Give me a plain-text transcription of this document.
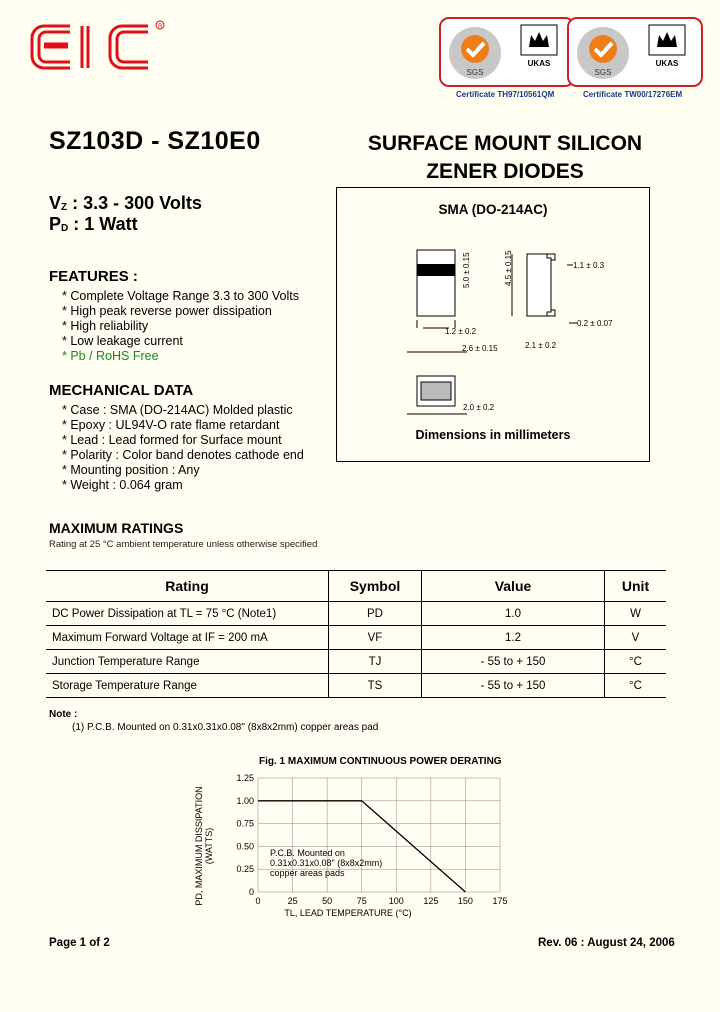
R
SGS
UKAS
SGS
UKAS
Certificate TH97/10561QM	Certificate TW00/17276EM
SZ103D - SZ10E0	SURFACE MOUNT SILICON
ZENER DIODES
$V_Z$ : 3.3 - 300 Volts
$P_D$ : 1 Watt
FEATURES :
* Complete Voltage Range 3.3 to 300 Volts
* High peak reverse power dissipation
* High reliability
* Low leakage current
* Pb / RoHS Free
MECHANICAL DATA
* Case : SMA (DO-214AC) Molded plastic
* Epoxy : UL94V-O rate flame retardant
* Lead : Lead formed for Surface mount
* Polarity : Color band denotes cathode end
* Mounting position : Any
* Weight : 0.064 gram
SMA (DO-214AC)
1.2 ± 0.2
2.6 ± 0.15
5.0 ± 0.15	4.5 ± 0.15	1.1 ± 0.3
0.2 ± 0.07
2.1 ± 0.2
2.0 ± 0.2
Dimensions in millimeters
MAXIMUM RATINGS
Rating at 25 °C ambient temperature unless otherwise specified
Rating	Symbol	Value	Unit
DC Power Dissipation at TL = 75 °C (Note1)	PD	1.0	W
Maximum Forward Voltage at IF = 200 mA	VF	1.2	V
Junction Temperature Range	TJ	- 55 to + 150	°C
Storage Temperature Range	TS	- 55 to + 150	°C
Note :
(1) P.C.B. Mounted on 0.31x0.31x0.08" (8x8x2mm) copper areas pad
Fig. 1 MAXIMUM CONTINUOUS POWER DERATING
0	25	50	75 100 125 150 175
0
0.25
0.50
0.75
1.00
1.25
P.C.B. Mounted on
0.31x0.31x0.08" (8x8x2mm)
copper areas pads
TL, LEAD TEMPERATURE (°C)
PD, MAXIMUM DISSIPATION (WATTS)
Page 1 of 2	Rev. 06 : August 24, 2006
